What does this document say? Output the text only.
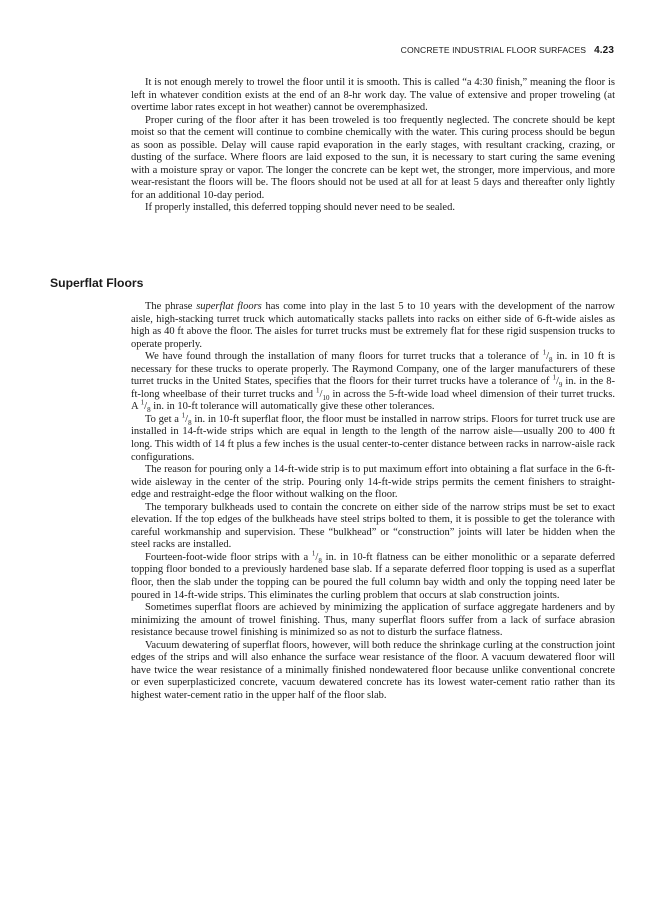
CONCRETE INDUSTRIAL FLOOR SURFACES 4.23

It is not enough merely to trowel the floor until it is smooth. This is called “a 4:30 finish,” meaning the floor is left in whatever condition exists at the end of an 8-hr work day. The value of extensive and proper troweling (at overtime labor rates except in hot weather) cannot be overemphasized.

Proper curing of the floor after it has been troweled is too frequently neglected. The concrete should be kept moist so that the cement will continue to combine chemically with the water. This curing process should be begun as soon as possible. Delay will cause rapid evaporation in the early stages, with resultant cracking, crazing, or dusting of the surface. Where floors are laid exposed to the sun, it is necessary to start curing the same evening with a moisture spray or vapor. The longer the concrete can be kept wet, the stronger, more impervious, and more wear-resistant the floors will be. The floors should not be used at all for at least 5 days and thereafter only lightly for an additional 10-day period.

If properly installed, this deferred topping should never need to be sealed.

Superflat Floors

The phrase superflat floors has come into play in the last 5 to 10 years with the development of the narrow aisle, high-stacking turret truck which automatically stacks pallets into racks on either side of 6-ft-wide aisles as high as 40 ft above the floor. The aisles for turret trucks must be extremely flat for these rigid suspension trucks to operate properly.

We have found through the installation of many floors for turret trucks that a tolerance of $^1/_8$ in. in 10 ft is necessary for these trucks to operate properly. The Raymond Company, one of the larger manufacturers of these turret trucks in the United States, specifies that the floors for their turret trucks have a tolerance of $^1/_9$ in. in the 8-ft-long wheelbase of their turret trucks and $^1/_{10}$ in across the 5-ft-wide load wheel dimension of their turret trucks. A $^1/_8$ in. in 10-ft tolerance will automatically give these other tolerances.

To get a $^1/_8$ in. in 10-ft superflat floor, the floor must be installed in narrow strips. Floors for turret truck use are installed in 14-ft-wide strips which are equal in length to the length of the narrow aisle—usually 200 to 400 ft long. This width of 14 ft plus a few inches is the usual center-to-center distance between racks in narrow-aisle rack configurations.

The reason for pouring only a 14-ft-wide strip is to put maximum effort into obtaining a flat surface in the 6-ft-wide aisleway in the center of the strip. Pouring only 14-ft-wide strips permits the cement finishers to straight-edge and restraight-edge the floor without walking on the floor.

The temporary bulkheads used to contain the concrete on either side of the narrow strips must be set to exact elevation. If the top edges of the bulkheads have steel strips bolted to them, it is possible to get the tolerance with careful workmanship and supervision. These “bulkhead” or “construction” joints will later be hidden when the steel racks are installed.

Fourteen-foot-wide floor strips with a $^1/_8$ in. in 10-ft flatness can be either monolithic or a separate deferred topping floor bonded to a previously hardened base slab. If a separate deferred floor topping is used as a superflat floor, then the slab under the topping can be poured the full column bay width and only the topping need later be poured in 14-ft-wide strips. This eliminates the curling problem that occurs at slab construction joints.

Sometimes superflat floors are achieved by minimizing the application of surface aggregate hardeners and by minimizing the amount of trowel finishing. Thus, many superflat floors suffer from a lack of surface abrasion resistance because trowel finishing is minimized so as not to disturb the surface flatness.

Vacuum dewatering of superflat floors, however, will both reduce the shrinkage curling at the construction joint edges of the strips and will also enhance the surface wear resistance of the floor. A vacuum dewatered floor will have twice the wear resistance of a minimally finished nondewatered floor because unlike conventional concrete or even superplasticized concrete, vacuum dewatered concrete has its lowest water-cement ratio rather than its highest water-cement ratio in the upper half of the floor slab.
